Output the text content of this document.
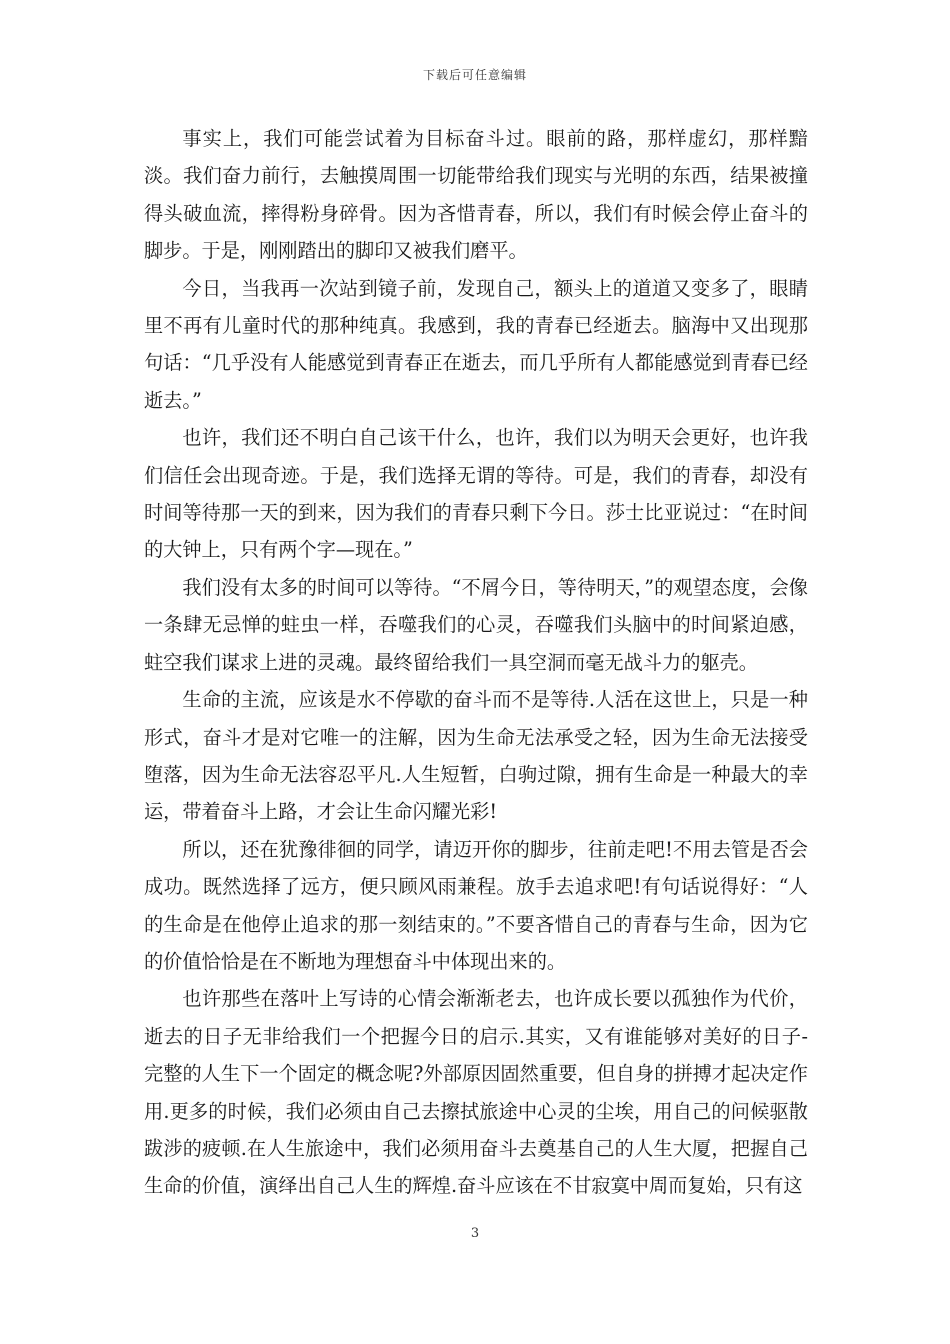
下载后可任意编辑

事实上，我们可能尝试着为目标奋斗过。眼前的路，那样虚幻，那样黯淡。我们奋力前行，去触摸周围一切能带给我们现实与光明的东西，结果被撞得头破血流，摔得粉身碎骨。因为吝惜青春，所以，我们有时候会停止奋斗的脚步。于是，刚刚踏出的脚印又被我们磨平。

今日，当我再一次站到镜子前，发现自己，额头上的道道又变多了，眼睛里不再有儿童时代的那种纯真。我感到，我的青春已经逝去。脑海中又出现那句话：“几乎没有人能感觉到青春正在逝去，而几乎所有人都能感觉到青春已经逝去。”

也许，我们还不明白自己该干什么，也许，我们以为明天会更好，也许我们信任会出现奇迹。于是，我们选择无谓的等待。可是，我们的青春，却没有时间等待那一天的到来，因为我们的青春只剩下今日。莎士比亚说过：“在时间的大钟上，只有两个字—现在。”

我们没有太多的时间可以等待。“不屑今日，等待明天，”的观望态度，会像一条肆无忌惮的蛀虫一样，吞噬我们的心灵，吞噬我们头脑中的时间紧迫感，蛀空我们谋求上进的灵魂。最终留给我们一具空洞而毫无战斗力的躯壳。

生命的主流，应该是水不停歇的奋斗而不是等待.人活在这世上，只是一种形式，奋斗才是对它唯一的注解，因为生命无法承受之轻，因为生命无法接受堕落，因为生命无法容忍平凡.人生短暂，白驹过隙，拥有生命是一种最大的幸运，带着奋斗上路，才会让生命闪耀光彩!

所以，还在犹豫徘徊的同学，请迈开你的脚步，往前走吧!不用去管是否会成功。既然选择了远方，便只顾风雨兼程。放手去追求吧!有句话说得好：“人的生命是在他停止追求的那一刻结束的。”不要吝惜自己的青春与生命，因为它的价值恰恰是在不断地为理想奋斗中体现出来的。

也许那些在落叶上写诗的心情会渐渐老去，也许成长要以孤独作为代价，逝去的日子无非给我们一个把握今日的启示.其实，又有谁能够对美好的日子-完整的人生下一个固定的概念呢?外部原因固然重要，但自身的拼搏才起决定作用.更多的时候，我们必须由自己去擦拭旅途中心灵的尘埃，用自己的问候驱散跋涉的疲顿.在人生旅途中，我们必须用奋斗去奠基自己的人生大厦，把握自己生命的价值，演绎出自己人生的辉煌.奋斗应该在不甘寂寞中周而复始，只有这

3
